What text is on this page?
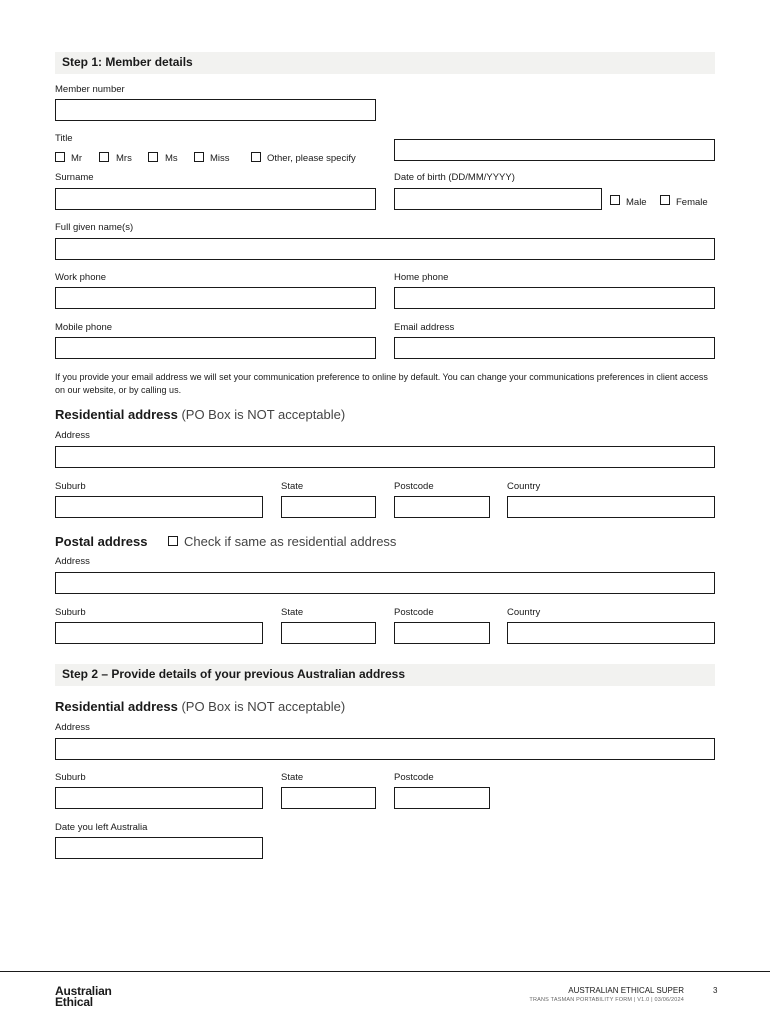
Step 1: Member details
Member number
Title
Mr	Mrs	Ms	Miss	Other, please specify
Surname	Date of birth (DD/MM/YYYY)
Male	Female
Full given name(s)
Work phone	Home phone
Mobile phone	Email address
If you provide your email address we will set your communication preference to online by default. You can change your communications preferences in client access on our website, or by calling us.
Residential address (PO Box is NOT acceptable)
Address
Suburb	State	Postcode	Country
Postal address	Check if same as residential address
Address
Suburb	State	Postcode	Country
Step 2 – Provide details of your previous Australian address
Residential address (PO Box is NOT acceptable)
Address
Suburb	State	Postcode
Date you left Australia
Australian
Ethical
AUSTRALIAN ETHICAL SUPER
TRANS TASMAN PORTABILITY FORM | V1.0 | 03/06/2024
3
